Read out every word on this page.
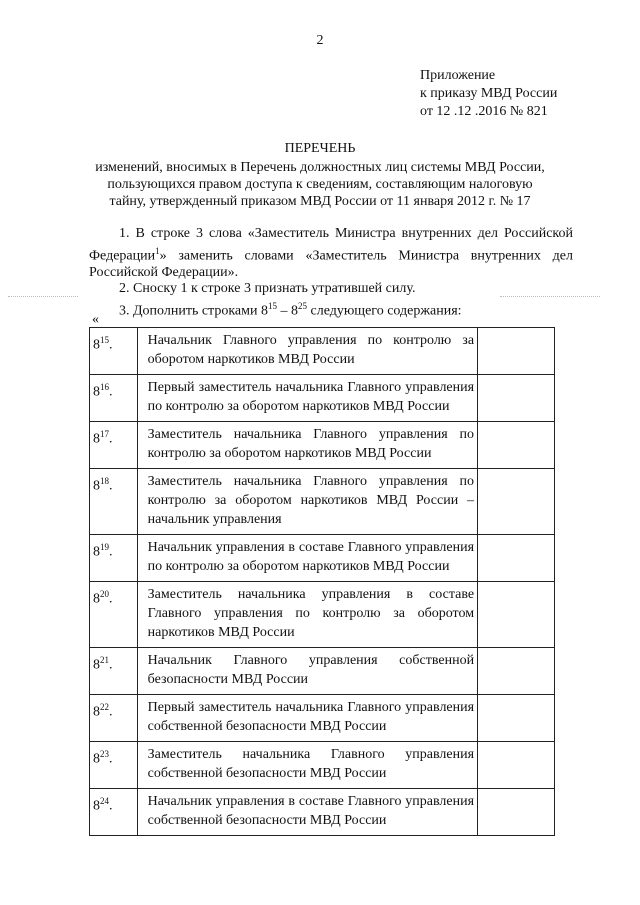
2
Приложение
к приказу МВД России
от 12 .12 .2016 № 821
ПЕРЕЧЕНЬ
изменений, вносимых в Перечень должностных лиц системы МВД России,
пользующихся правом доступа к сведениям, составляющим налоговую
тайну, утвержденный приказом МВД России от 11 января 2012 г. № 17

1. В строке 3 слова «Заместитель Министра внутренних дел Российской Федерации$^1$» заменить словами «Заместитель Министра внутренних дел Российской Федерации».

2. Сноску 1 к строке 3 признать утратившей силу.

3. Дополнить строками $8^{15} - 8^{25}$ следующего содержания:

«
$8^{15}$.	Начальник Главного управления по контролю за оборотом наркотиков МВД России	
$8^{16}$.	Первый заместитель начальника Главного управления по контролю за оборотом наркотиков МВД России	
$8^{17}$.	Заместитель начальника Главного управления по контролю за оборотом наркотиков МВД России	
$8^{18}$.	Заместитель начальника Главного управления по контролю за оборотом наркотиков МВД России – начальник управления	
$8^{19}$.	Начальник управления в составе Главного управления по контролю за оборотом наркотиков МВД России	
$8^{20}$.	Заместитель начальника управления в составе Главного управления по контролю за оборотом наркотиков МВД России	
$8^{21}$.	Начальник Главного управления собственной безопасности МВД России	
$8^{22}$.	Первый заместитель начальника Главного управления собственной безопасности МВД России	
$8^{23}$.	Заместитель начальника Главного управления собственной безопасности МВД России	
$8^{24}$.	Начальник управления в составе Главного управления собственной безопасности МВД России	
